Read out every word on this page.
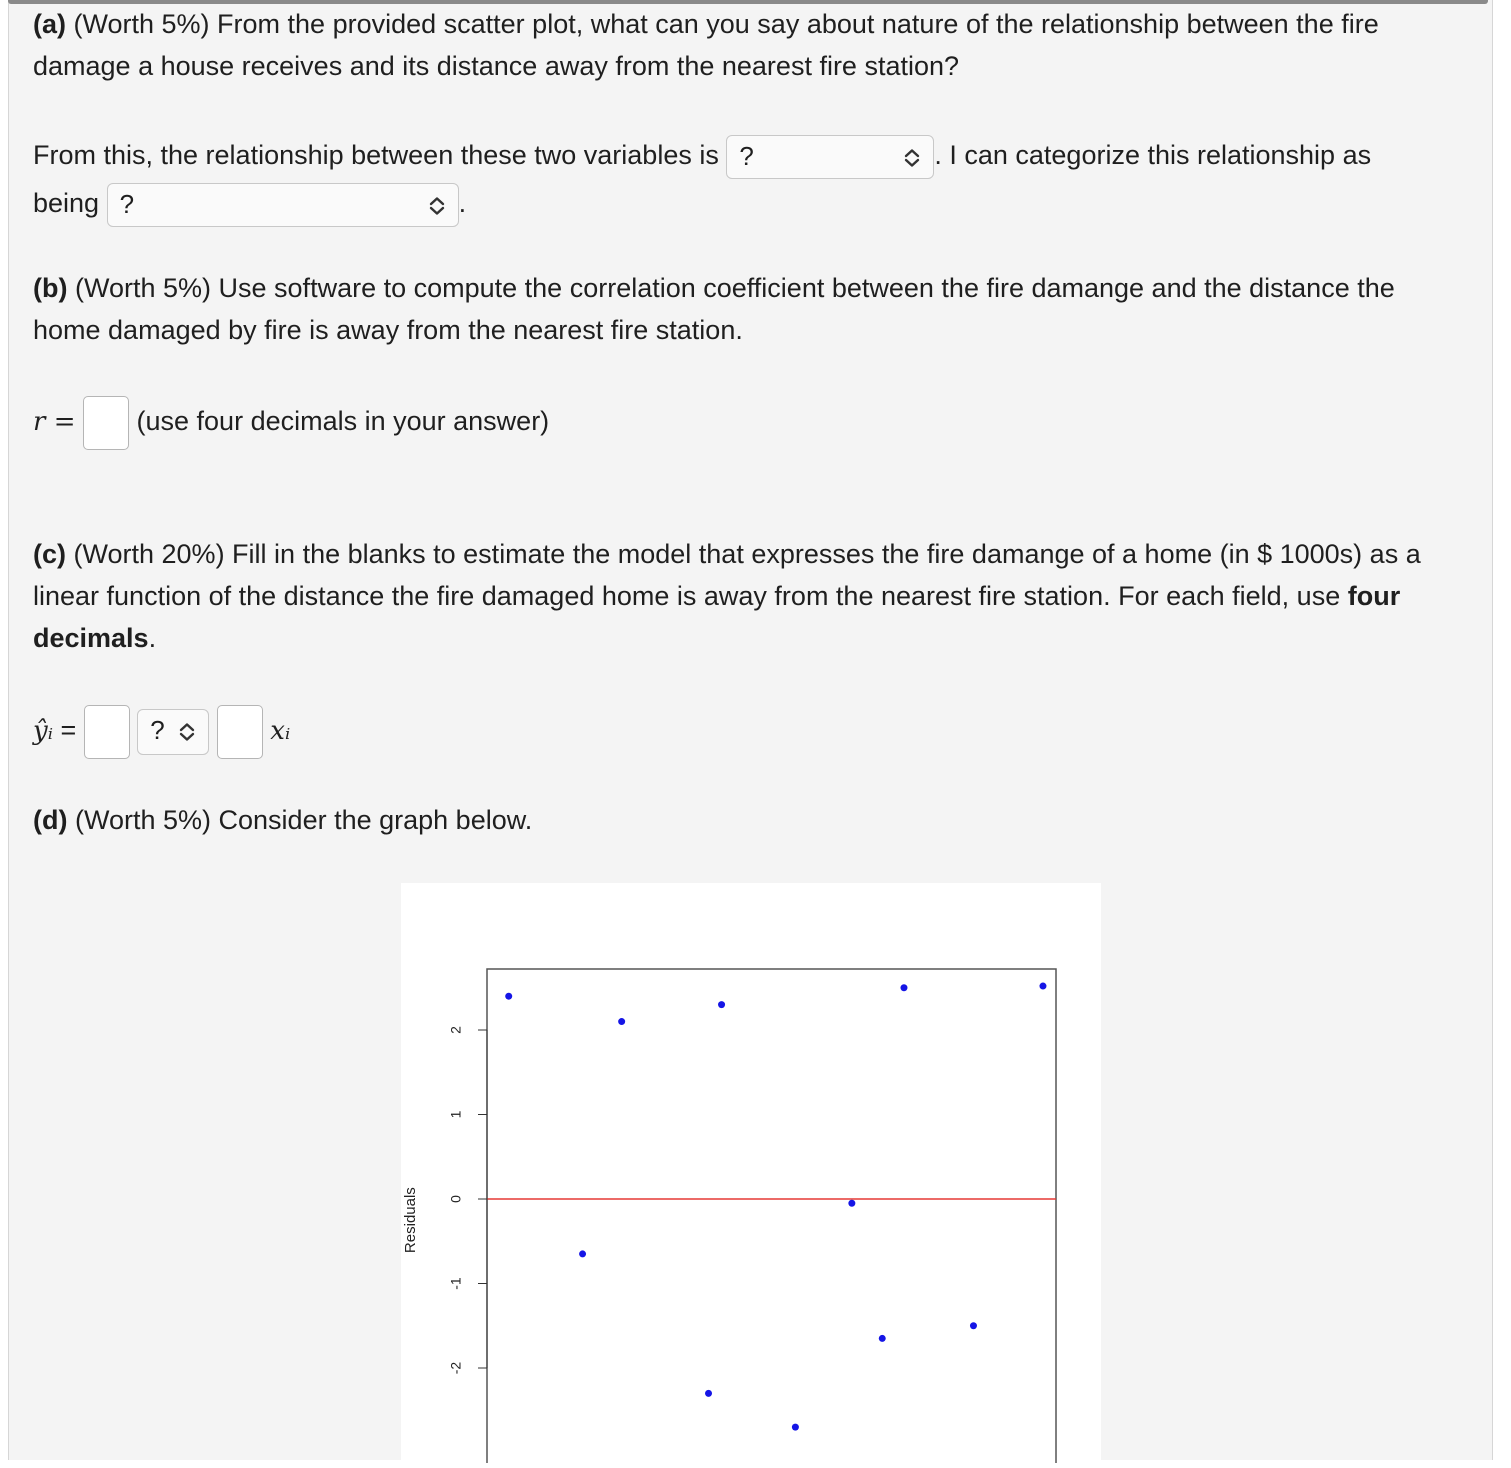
(a) (Worth 5%) From the provided scatter plot, what can you say about nature of the relationship between the fire damage a house receives and its distance away from the nearest fire station?
From this, the relationship between these two variables is ?	. I can categorize this relationship as
being ?	.
(b) (Worth 5%) Use software to compute the correlation coefficient between the fire damange and the distance the home damaged by fire is away from the nearest fire station.
r = (use four decimals in your answer)
(c) (Worth 20%) Fill in the blanks to estimate the model that expresses the fire damange of a home (in $ 1000s) as a linear function of the distance the fire damaged home is away from the nearest fire station. For each field, use four decimals.
ŷᵢ =	?	xᵢ
(d) (Worth 5%) Consider the graph below.
-2
-1
0
1
2
Residuals
